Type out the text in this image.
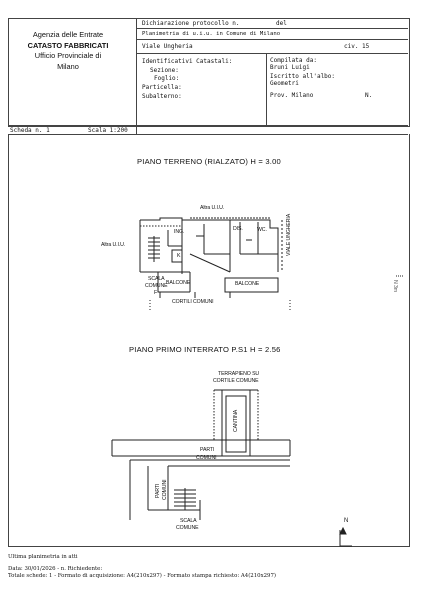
Agenzia delle Entrate
CATASTO FABBRICATI
Ufficio Provinciale di
Milano
Dichiarazione protocollo n.	del
Planimetria di u.i.u. in Comune di Milano
Viale Ungheria	civ. 15
Identificativi Catastali:
Sezione:
Foglio:
Particella:
Subalterno:
Compilata da:
Bruni Luigi
Iscritto all'albo:
Geometri
Prov. Milano	N.
Scheda n. 1	Scala 1:200
PIANO TERRENO (RIALZATO) H = 3.00
PIANO PRIMO INTERRATO P.S1 H = 2.56
Altra U.I.U.
Altra U.I.U.
ING.	DIS.	WC.
K
BALCONE	BALCONE
SCALA
COMUNE
F
CORTILI COMUNI
VIALE UNGHERIA
TERRAPIENO SU
CORTILE COMUNE
CANTINA
PARTI
COMUNI
PARTI COMUNI
SCALA
COMUNE
N 3m
N
Ultima planimetria in atti
Data: 30/01/2026 - n. Richiedente:
Totale schede: 1 - Formato di acquisizione: A4(210x297) - Formato stampa richiesto: A4(210x297)
